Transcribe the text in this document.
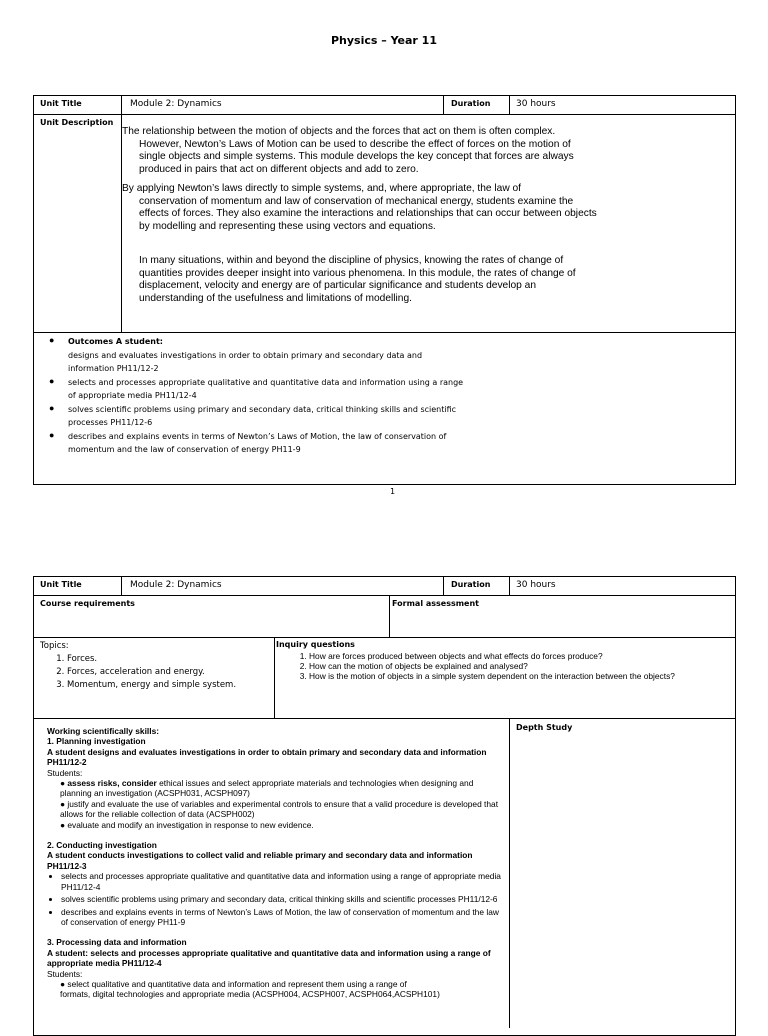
Physics – Year 11
Unit Title	Module 2: Dynamics	Duration	30 hours
Unit Description
The relationship between the motion of objects and the forces that act on them is often complex.
However, Newton’s Laws of Motion can be used to describe the effect of forces on the motion of
single objects and simple systems. This module develops the key concept that forces are always
produced in pairs that act on different objects and add to zero.
By applying Newton’s laws directly to simple systems, and, where appropriate, the law of
conservation of momentum and law of conservation of mechanical energy, students examine the
effects of forces. They also examine the interactions and relationships that can occur between objects
by modelling and representing these using vectors and equations.
In many situations, within and beyond the discipline of physics, knowing the rates of change of
quantities provides deeper insight into various phenomena. In this module, the rates of change of
displacement, velocity and energy are of particular significance and students develop an
understanding of the usefulness and limitations of modelling.
Outcomes A student:
designs and evaluates investigations in order to obtain primary and secondary data and
information PH11/12-2
selects and processes appropriate qualitative and quantitative data and information using a range
of appropriate media PH11/12-4
solves scientific problems using primary and secondary data, critical thinking skills and scientific
processes PH11/12-6
describes and explains events in terms of Newton’s Laws of Motion, the law of conservation of
momentum and the law of conservation of energy PH11-9
●
●
●
●
1
Unit Title	Module 2: Dynamics	Duration	30 hours
Course requirements	Formal assessment
Topics:
1. Forces.
2. Forces, acceleration and energy.
3. Momentum, energy and simple system.
Inquiry questions
1. How are forces produced between objects and what effects do forces produce?
2. How can the motion of objects be explained and analysed?
3. How is the motion of objects in a simple system dependent on the interaction between the objects?
Depth Study
Working scientifically skills:
1. Planning investigation
A student designs and evaluates investigations in order to obtain primary and secondary data and information PH11/12-2
Students:
● assess risks, consider ethical issues and select appropriate materials and technologies when designing and planning an investigation (ACSPH031, ACSPH097)
● justify and evaluate the use of variables and experimental controls to ensure that a valid procedure is developed that allows for the reliable collection of data (ACSPH002)
● evaluate and modify an investigation in response to new evidence.
2. Conducting investigation
A student conducts investigations to collect valid and reliable primary and secondary data and information PH11/12-3
• selects and processes appropriate qualitative and quantitative data and information using a range of appropriate media PH11/12-4
• solves scientific problems using primary and secondary data, critical thinking skills and scientific processes PH11/12-6
• describes and explains events in terms of Newton’s Laws of Motion, the law of conservation of momentum and the law of conservation of energy PH11-9
3. Processing data and information
A student: selects and processes appropriate qualitative and quantitative data and information using a range of appropriate media PH11/12-4
Students:
● select qualitative and quantitative data and information and represent them using a range of
formats, digital technologies and appropriate media (ACSPH004, ACSPH007, ACSPH064,ACSPH101)
